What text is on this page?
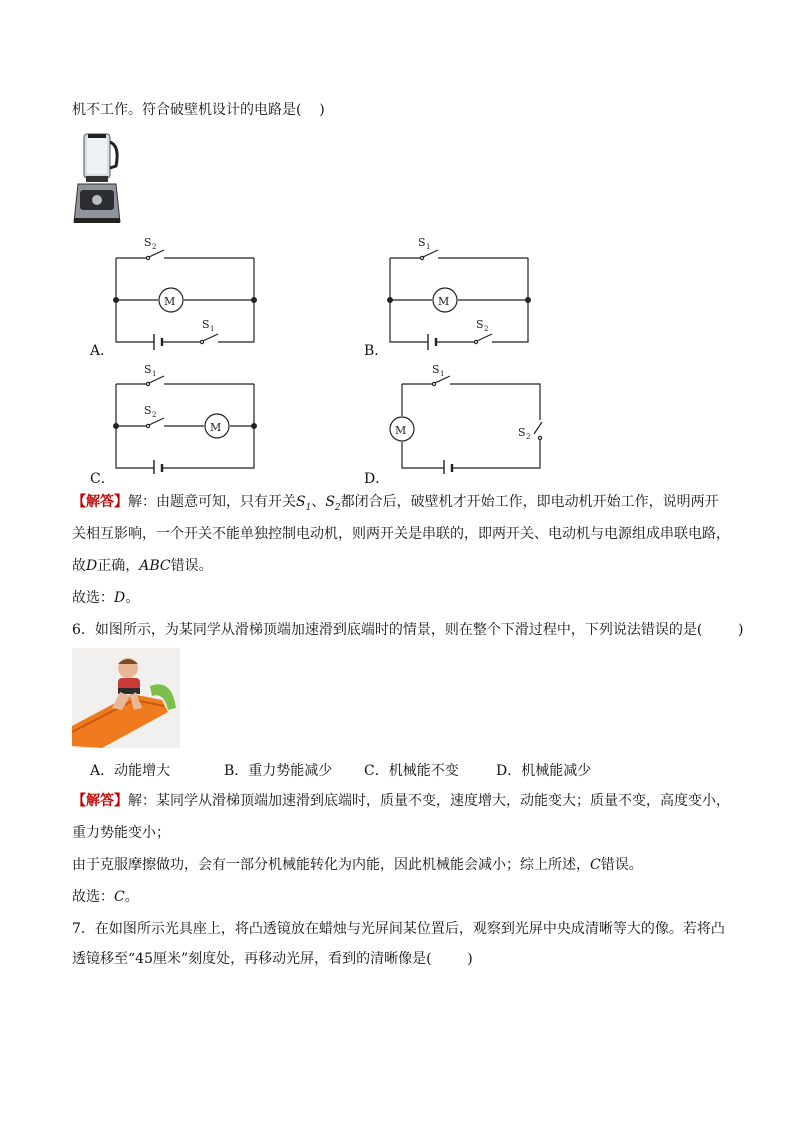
机不工作。符合破壁机设计的电路是(    )
M
S 2
S 1
A．
M
S 1
S 2
B．
M
S 1
S 2
C．
M
S 1
S 2
D．
【解答】解：由题意可知，只有开关$S_1$、$S_2$都闭合后，破壁机才开始工作，即电动机开始工作，说明两开
关相互影响，一个开关不能单独控制电动机，则两开关是串联的，即两开关、电动机与电源组成串联电路，
故D正确，ABC错误。
故选：D。
6．如图所示，为某同学从滑梯顶端加速滑到底端时的情景，则在整个下滑过程中，下列说法错误的是(        )
A．动能增大	B．重力势能减少 C．机械能不变	D．机械能减少
【解答】解：某同学从滑梯顶端加速滑到底端时，质量不变，速度增大，动能变大；质量不变，高度变小，
重力势能变小；
由于克服摩擦做功，会有一部分机械能转化为内能，因此机械能会减小；综上所述，C错误。
故选：C。
7．在如图所示光具座上，将凸透镜放在蜡烛与光屏间某位置后，观察到光屏中央成清晰等大的像。若将凸
透镜移至“45厘米”刻度处，再移动光屏，看到的清晰像是(        )
